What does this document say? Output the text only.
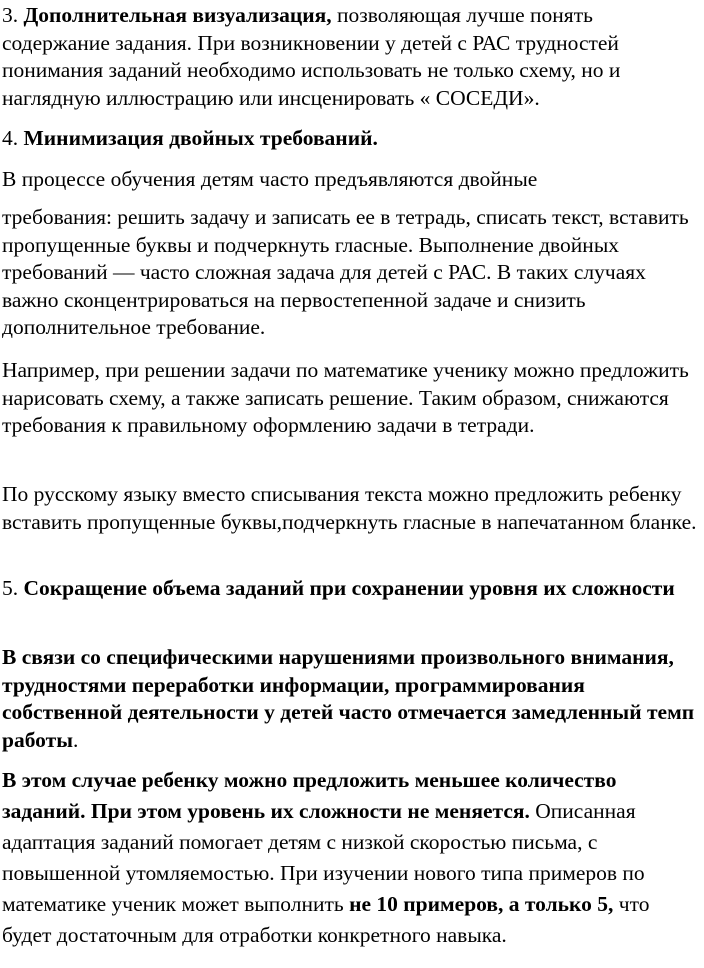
3. Дополнительная визуализация, позволяющая лучше понять содержание задания. При возникновении у детей с РАС трудностей понимания заданий необходимо использовать не только схему, но и наглядную иллюстрацию или инсценировать « СОСЕДИ».

4. Минимизация двойных требований.

В процессе обучения детям часто предъявляются двойные

требования: решить задачу и записать ее в тетрадь, списать текст, вставить пропущенные буквы и подчеркнуть гласные. Выполнение двойных требований — часто сложная задача для детей с РАС. В таких случаях важно сконцентрироваться на первостепенной задаче и снизить дополнительное требование.

Например, при решении задачи по математике ученику можно предложить нарисовать схему, а также записать решение. Таким образом, снижаются требования к правильному оформлению задачи в тетради.

По русскому языку вместо списывания текста можно предложить ребенку вставить пропущенные буквы,подчеркнуть гласные в напечатанном бланке.

5. Сокращение объема заданий при сохранении уровня их сложности

В связи со специфическими нарушениями произвольного внимания, трудностями переработки информации, программирования собственной деятельности у детей часто отмечается замедленный темп работы.

В этом случае ребенку можно предложить меньшее количество заданий. При этом уровень их сложности не меняется. Описанная адаптация заданий помогает детям с низкой скоростью письма, с повышенной утомляемостью. При изучении нового типа примеров по математике ученик может выполнить не 10 примеров, а только 5, что будет достаточным для отработки конкретного навыка.
